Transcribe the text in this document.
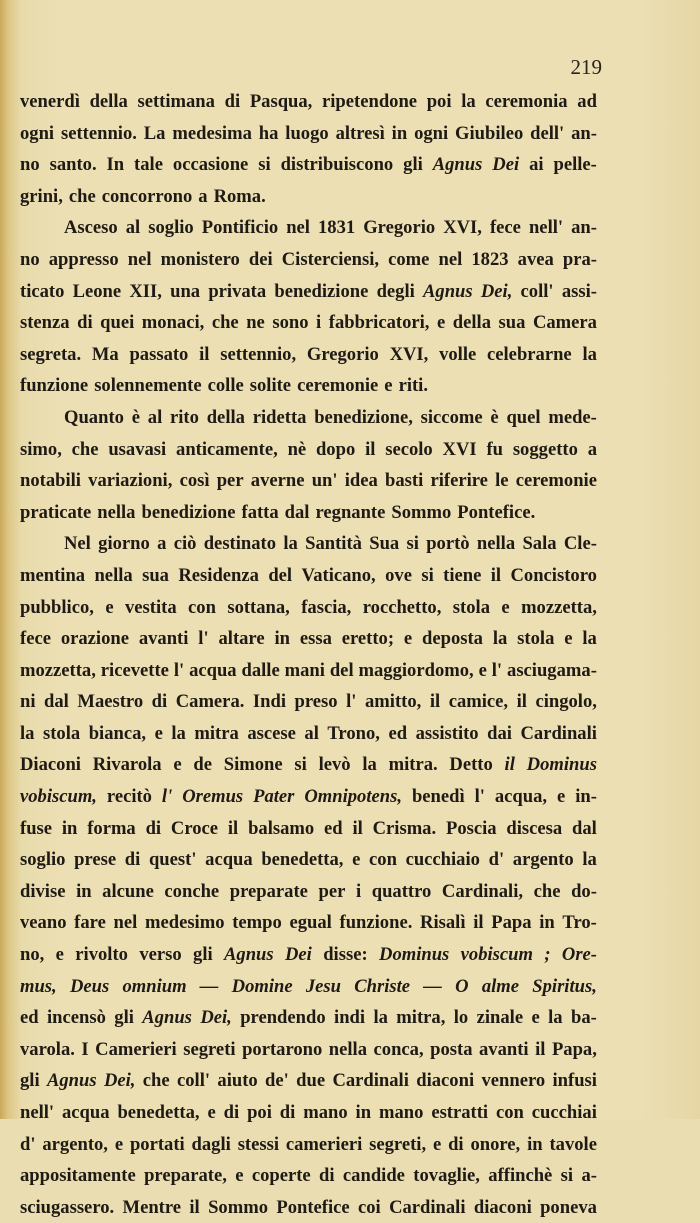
219
venerdì della settimana di Pasqua, ripetendone poi la ceremonia ad
ogni settennio. La medesima ha luogo altresì in ogni Giubileo dell' an-
no santo. In tale occasione si distribuiscono gli Agnus Dei ai pelle-
grini, che concorrono a Roma.
Asceso al soglio Pontificio nel 1831 Gregorio XVI, fece nell' an-
no appresso nel monistero dei Cisterciensi, come nel 1823 avea pra-
ticato Leone XII, una privata benedizione degli Agnus Dei, coll' assi-
stenza di quei monaci, che ne sono i fabbricatori, e della sua Camera
segreta. Ma passato il settennio, Gregorio XVI, volle celebrarne la
funzione solennemente colle solite ceremonie e riti.
Quanto è al rito della ridetta benedizione, siccome è quel mede-
simo, che usavasi anticamente, nè dopo il secolo XVI fu soggetto a
notabili variazioni, così per averne un' idea basti riferire le ceremonie
praticate nella benedizione fatta dal regnante Sommo Pontefice.
Nel giorno a ciò destinato la Santità Sua si portò nella Sala Cle-
mentina nella sua Residenza del Vaticano, ove si tiene il Concistoro
pubblico, e vestita con sottana, fascia, rocchetto, stola e mozzetta,
fece orazione avanti l' altare in essa eretto; e deposta la stola e la
mozzetta, ricevette l' acqua dalle mani del maggiordomo, e l' asciugama-
ni dal Maestro di Camera. Indi preso l' amitto, il camice, il cingolo,
la stola bianca, e la mitra ascese al Trono, ed assistito dai Cardinali
Diaconi Rivarola e de Simone si levò la mitra. Detto il Dominus
vobiscum, recitò l' Oremus Pater Omnipotens, benedì l' acqua, e in-
fuse in forma di Croce il balsamo ed il Crisma. Poscia discesa dal
soglio prese di quest' acqua benedetta, e con cucchiaio d' argento la
divise in alcune conche preparate per i quattro Cardinali, che do-
veano fare nel medesimo tempo egual funzione. Risalì il Papa in Tro-
no, e rivolto verso gli Agnus Dei disse: Dominus vobiscum ; Ore-
mus, Deus omnium — Domine Jesu Christe — O alme Spiritus,
ed incensò gli Agnus Dei, prendendo indi la mitra, lo zinale e la ba-
varola. I Camerieri segreti portarono nella conca, posta avanti il Papa,
gli Agnus Dei, che coll' aiuto de' due Cardinali diaconi vennero infusi
nell' acqua benedetta, e di poi di mano in mano estratti con cucchiai
d' argento, e portati dagli stessi camerieri segreti, e di onore, in tavole
appositamente preparate, e coperte di candide tovaglie, affinchè si a-
sciugassero. Mentre il Sommo Pontefice coi Cardinali diaconi poneva
